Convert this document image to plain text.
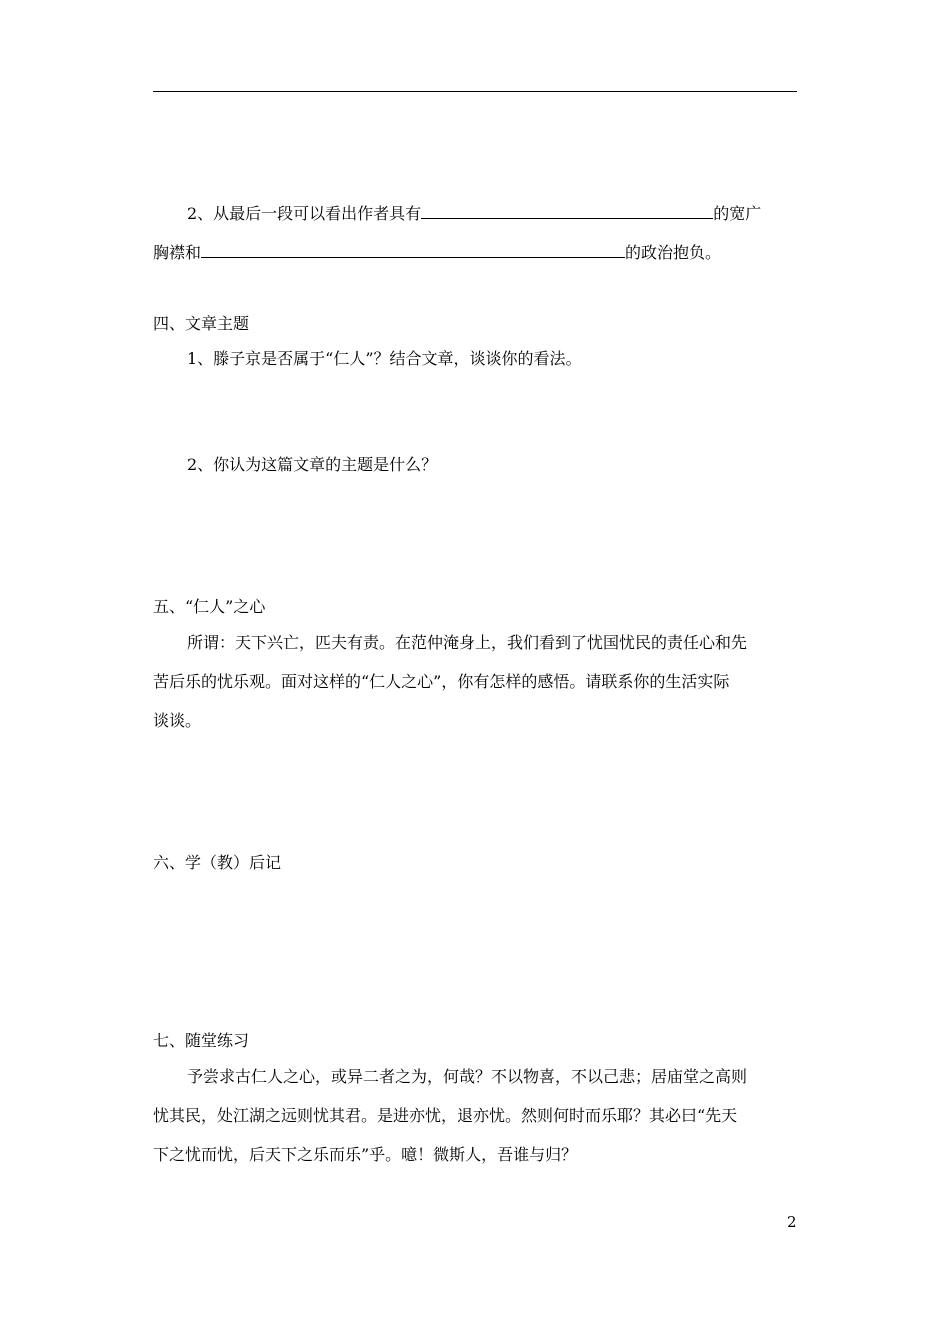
2、从最后一段可以看出作者具有	的宽广
胸襟和	的政治抱负。
四、文章主题
1、滕子京是否属于“仁人”？结合文章，谈谈你的看法。
2、你认为这篇文章的主题是什么？
五、“仁人”之心
所谓：天下兴亡，匹夫有责。在范仲淹身上，我们看到了忧国忧民的责任心和先
苦后乐的忧乐观。面对这样的“仁人之心”，你有怎样的感悟。请联系你的生活实际
谈谈。
六、学（教）后记
七、随堂练习
予尝求古仁人之心，或异二者之为，何哉？不以物喜，不以己悲；居庙堂之高则
忧其民，处江湖之远则忧其君。是进亦忧，退亦忧。然则何时而乐耶？其必曰“先天
下之忧而忧，后天下之乐而乐”乎。噫！微斯人，吾谁与归？
2
